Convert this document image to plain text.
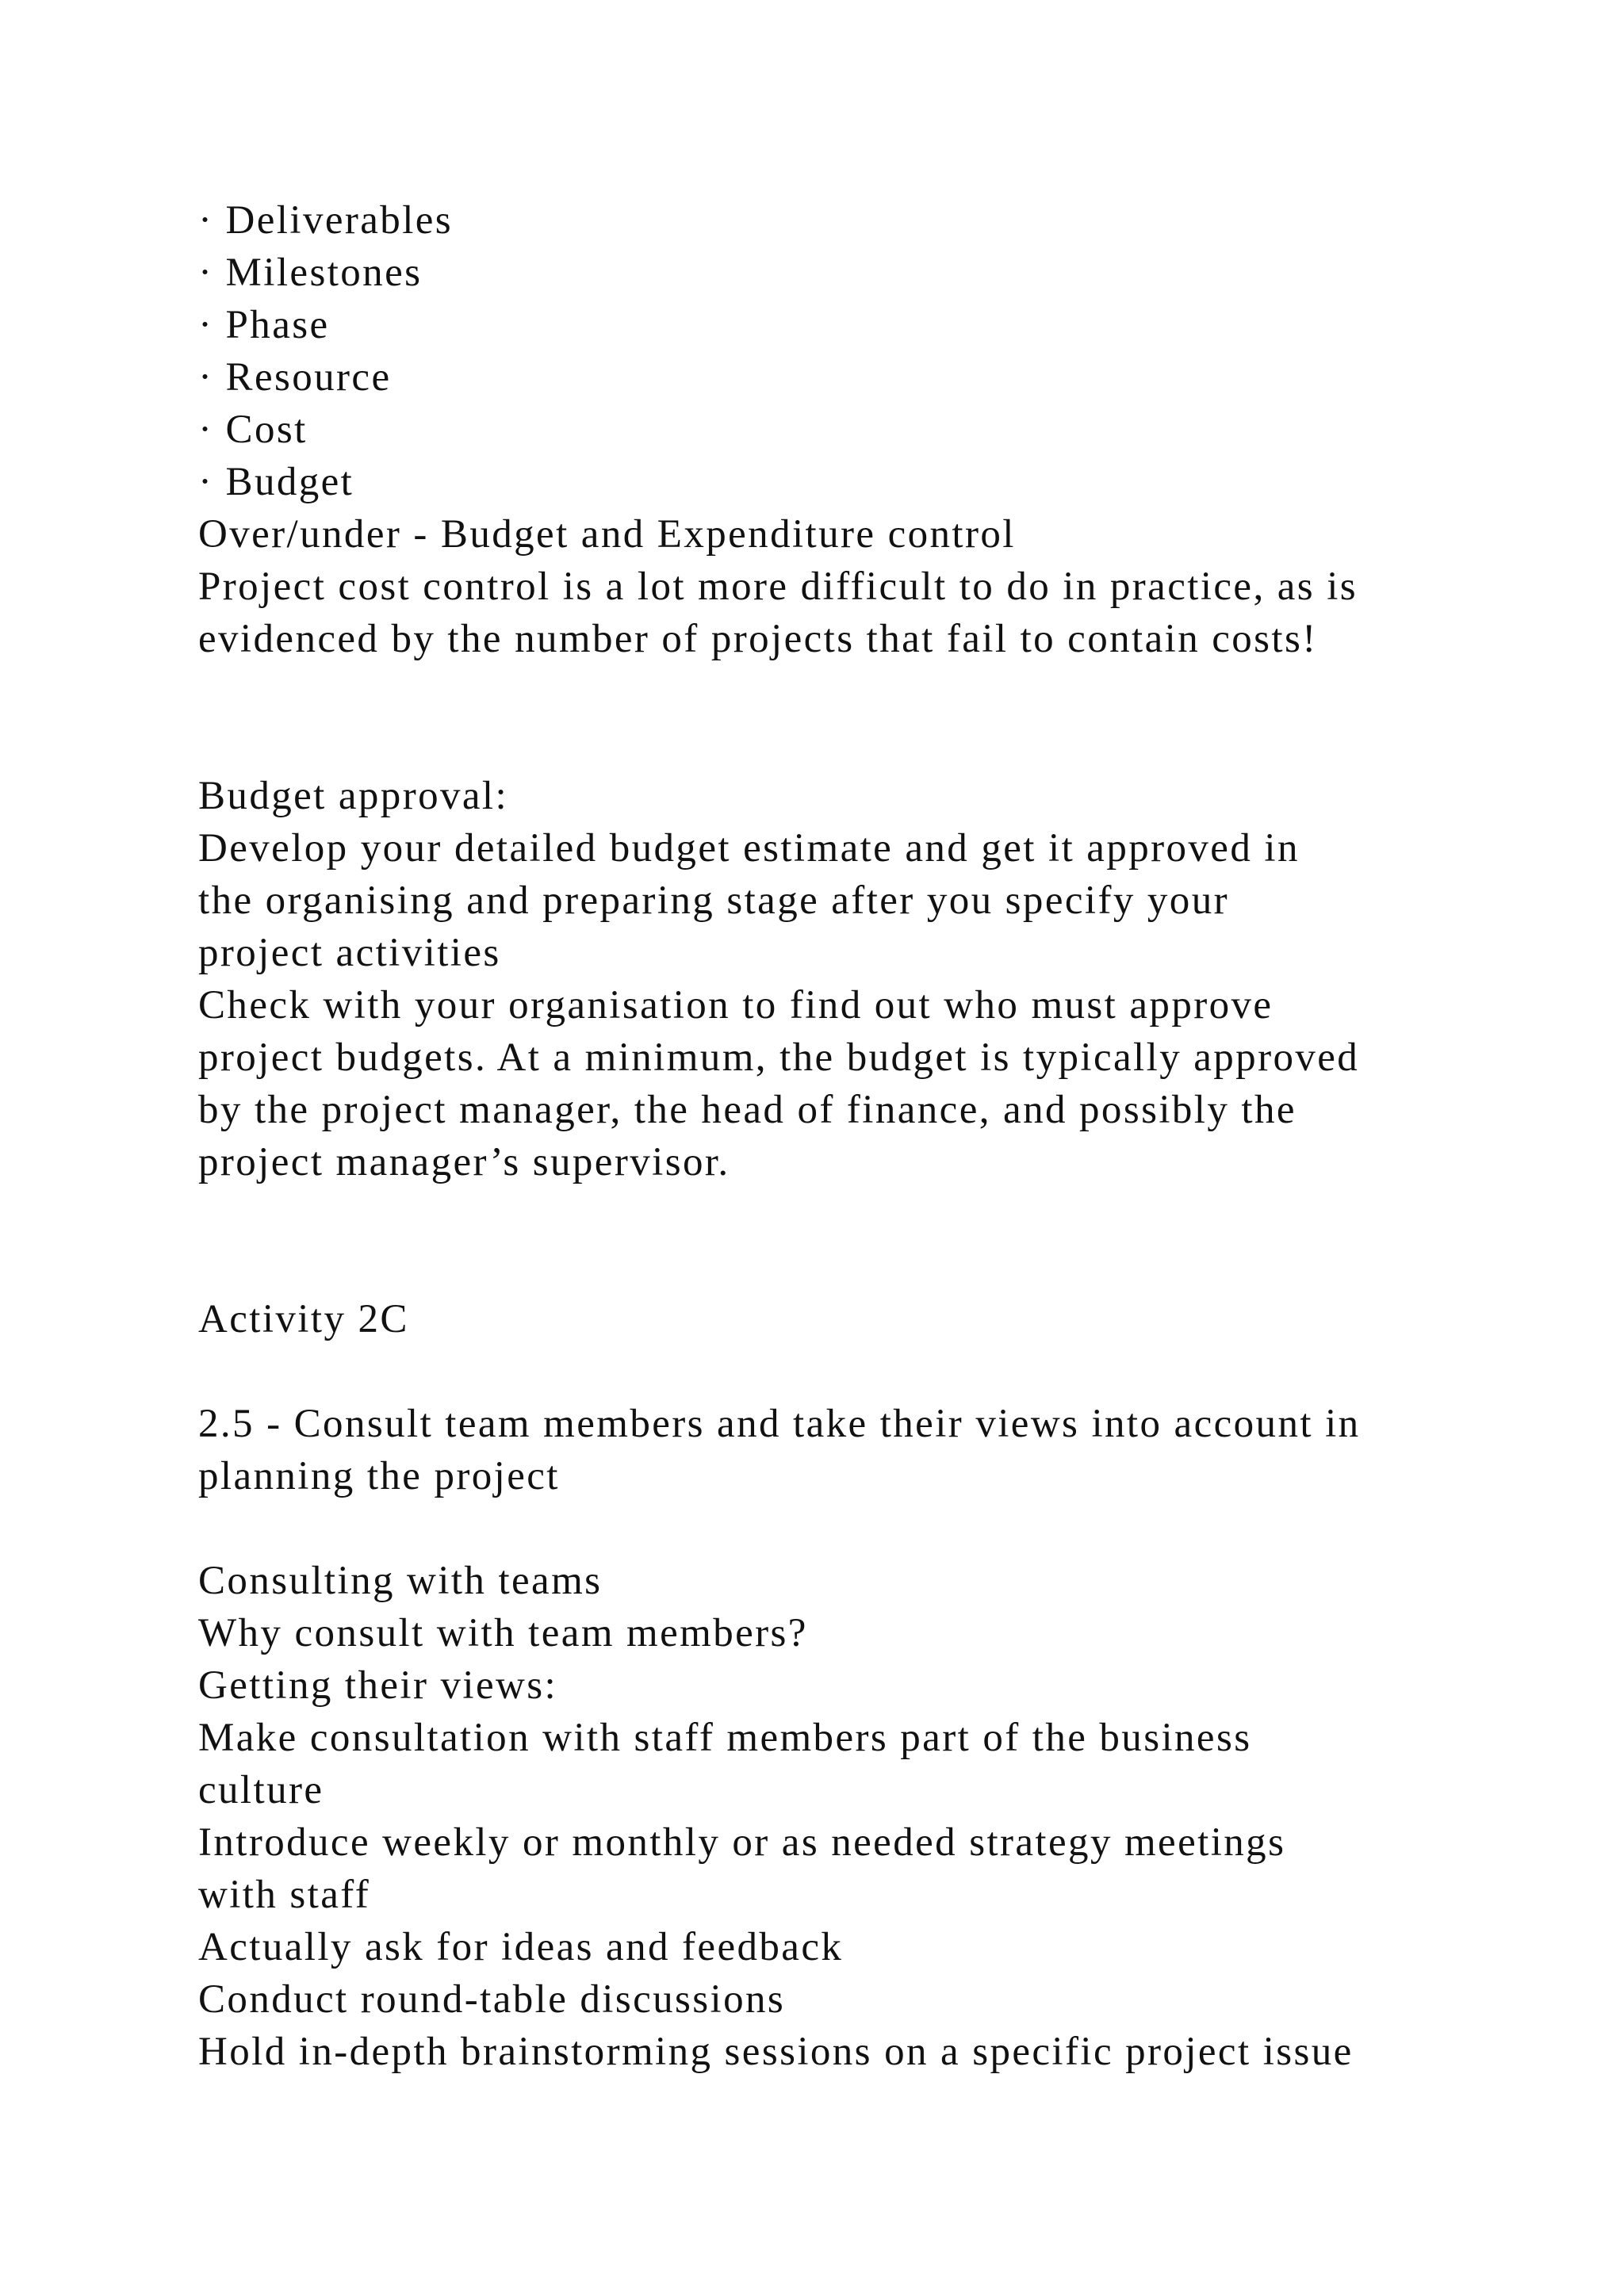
· Deliverables
· Milestones
· Phase
· Resource
· Cost
· Budget
Over/under - Budget and Expenditure control
Project cost control is a lot more difficult to do in practice, as is
evidenced by the number of projects that fail to contain costs!
Budget approval:
Develop your detailed budget estimate and get it approved in
the organising and preparing stage after you specify your
project activities
Check with your organisation to find out who must approve
project budgets. At a minimum, the budget is typically approved
by the project manager, the head of finance, and possibly the
project manager’s supervisor.
Activity 2C
2.5 - Consult team members and take their views into account in
planning the project
Consulting with teams
Why consult with team members?
Getting their views:
Make consultation with staff members part of the business
culture
Introduce weekly or monthly or as needed strategy meetings
with staff
Actually ask for ideas and feedback
Conduct round-table discussions
Hold in-depth brainstorming sessions on a specific project issue
